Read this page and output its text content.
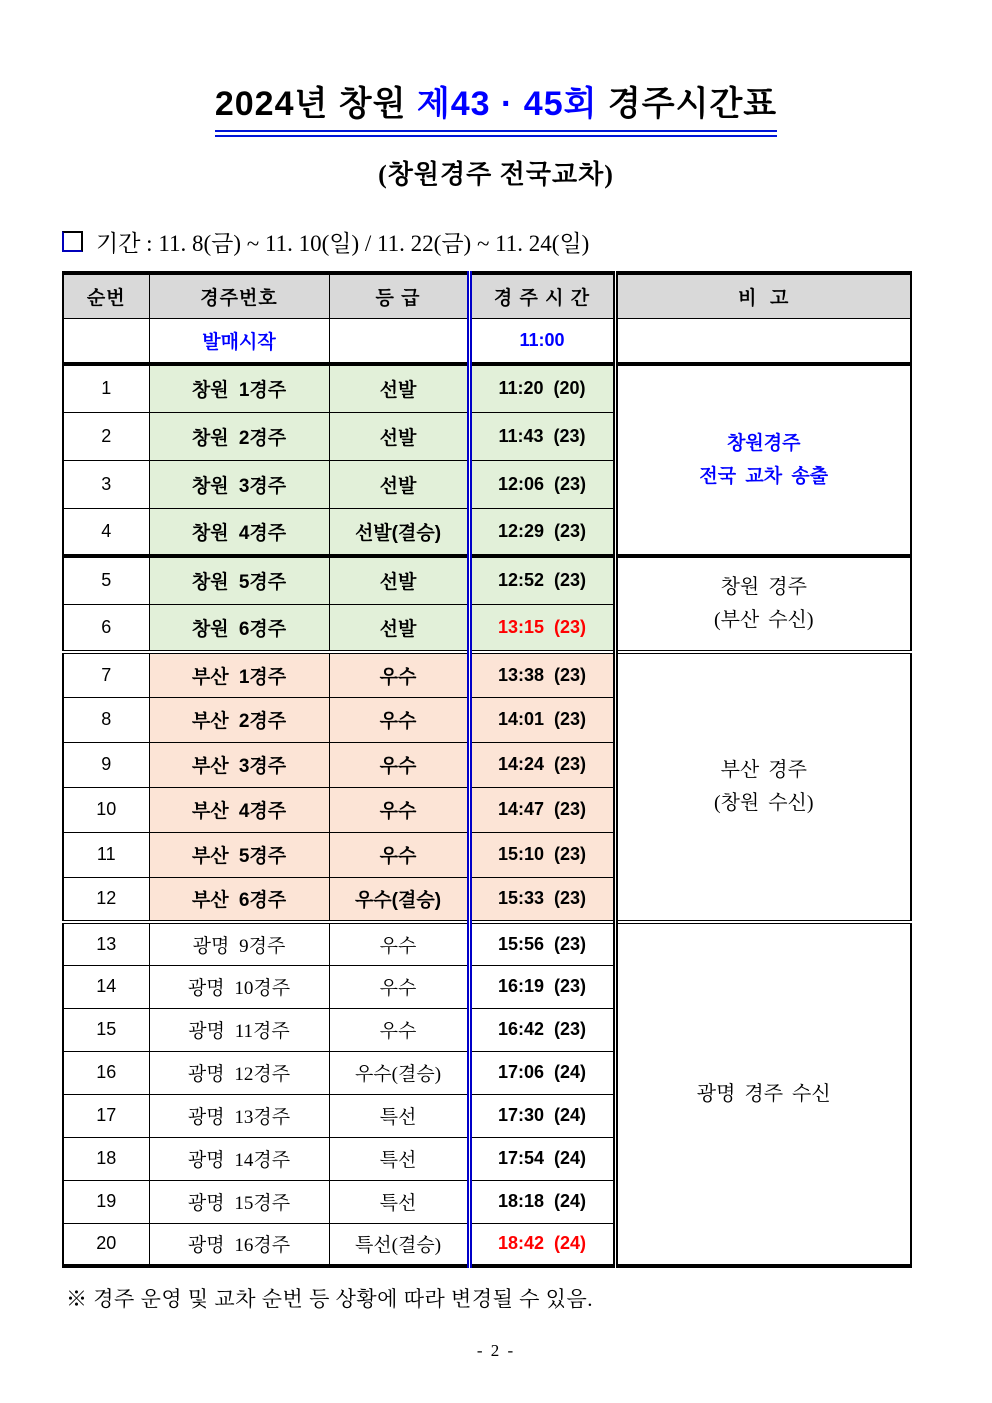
2024년 창원 제43 · 45회 경주시간표
(창원경주 전국교차)
기간 : 11. 8(금) ~ 11. 10(일) / 11. 22(금) ~ 11. 24(일)
순번	경주번호	등 급	경 주 시 간	비  고
	발매시작		11:00	
1	창원 1경주	선발	11:20 (20)	창원경주
전국 교차 송출
2	창원 2경주	선발	11:43 (23)	
3	창원 3경주	선발	12:06 (23)	
4	창원 4경주	선발(결승)	12:29 (23)	
5	창원 5경주	선발	12:52 (23)	창원 경주
(부산 수신)
6	창원 6경주	선발	13:15 (23)	
7	부산 1경주	우수	13:38 (23)	부산 경주
(창원 수신)
8	부산 2경주	우수	14:01 (23)	
9	부산 3경주	우수	14:24 (23)	
10	부산 4경주	우수	14:47 (23)	
11	부산 5경주	우수	15:10 (23)	
12	부산 6경주	우수(결승)	15:33 (23)	
13	광명 9경주	우수	15:56 (23)	광명 경주 수신
14	광명 10경주	우수	16:19 (23)	
15	광명 11경주	우수	16:42 (23)	
16	광명 12경주	우수(결승)	17:06 (24)	
17	광명 13경주	특선	17:30 (24)	
18	광명 14경주	특선	17:54 (24)	
19	광명 15경주	특선	18:18 (24)	
20	광명 16경주	특선(결승)	18:42 (24)	
※ 경주 운영 및 교차 순번 등 상황에 따라 변경될 수 있음.
- 2 -
